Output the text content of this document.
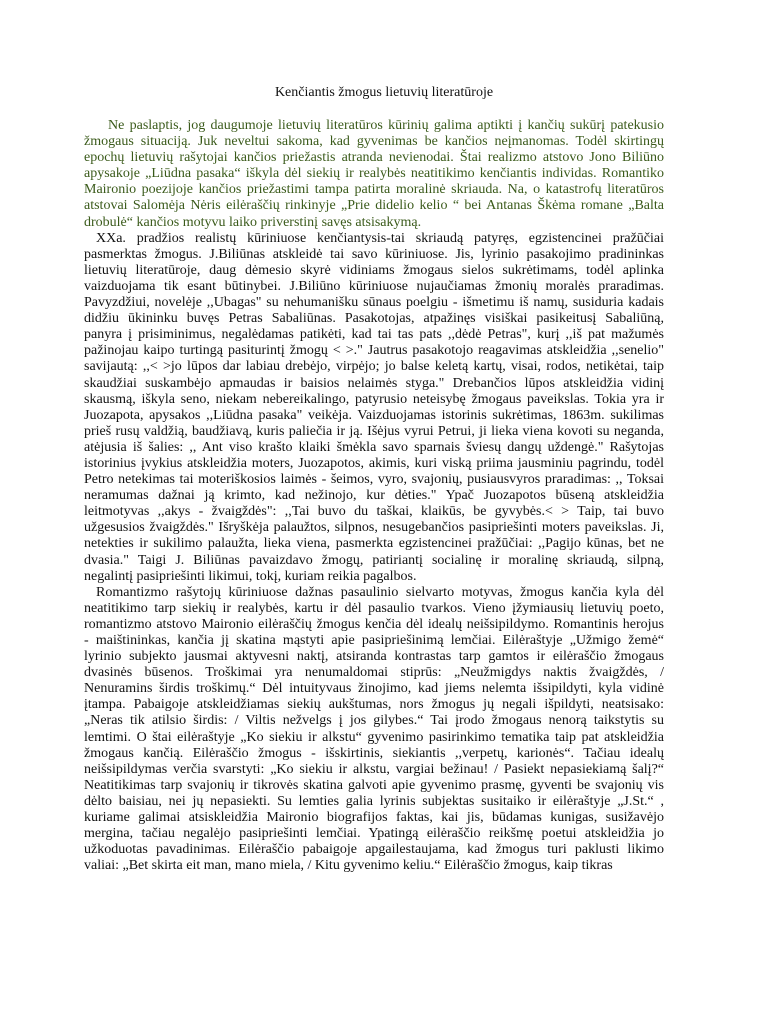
Kenčiantis žmogus lietuvių literatūroje
Ne paslaptis, jog daugumoje lietuvių literatūros kūrinių galima aptikti į kančių sukūrį patekusio
žmogaus situaciją. Juk neveltui sakoma, kad gyvenimas be kančios neįmanomas. Todėl skirtingų
epochų lietuvių rašytojai kančios priežastis atranda nevienodai. Štai realizmo atstovo Jono Biliūno
apysakoje „Liūdna pasaka“ iškyla dėl siekių ir realybės neatitikimo kenčiantis individas. Romantiko
Maironio poezijoje kančios priežastimi tampa patirta moralinė skriauda. Na, o katastrofų literatūros
atstovai Salomėja Nėris eilėraščių rinkinyje „Prie didelio kelio “ bei Antanas Škėma romane „Balta
drobulė“ kančios motyvu laiko priverstinį savęs atsisakymą.
XXa. pradžios realistų kūriniuose kenčiantysis-tai skriaudą patyręs, egzistencinei pražūčiai
pasmerktas žmogus. J.Biliūnas atskleidė tai savo kūriniuose. Jis, lyrinio pasakojimo pradininkas
lietuvių literatūroje, daug dėmesio skyrė vidiniams žmogaus sielos sukrėtimams, todėl aplinka
vaizduojama tik esant būtinybei. J.Biliūno kūriniuose nujaučiamas žmonių moralės praradimas.
Pavyzdžiui, novelėje ,,Ubagas" su nehumanišku sūnaus poelgiu - išmetimu iš namų, susiduria kadais
didžiu ūkininku buvęs Petras Sabaliūnas. Pasakotojas, atpažinęs visiškai pasikeitusį Sabaliūną,
panyra į prisiminimus, negalėdamas patikėti, kad tai tas pats ,,dėdė Petras", kurį ,,iš pat mažumės
pažinojau kaipo turtingą pasiturintį žmogų < >." Jautrus pasakotojo reagavimas atskleidžia ,,senelio"
savijautą: ,,< >jo lūpos dar labiau drebėjo, virpėjo; jo balse keletą kartų, visai, rodos, netikėtai, taip
skaudžiai suskambėjo apmaudas ir baisios nelaimės styga." Drebančios lūpos atskleidžia vidinį
skausmą, iškyla seno, niekam nebereikalingo, patyrusio neteisybę žmogaus paveikslas. Tokia yra ir
Juozapota, apysakos ,,Liūdna pasaka" veikėja. Vaizduojamas istorinis sukrėtimas, 1863m. sukilimas
prieš rusų valdžią, baudžiavą, kuris paliečia ir ją. Išėjus vyrui Petrui, ji lieka viena kovoti su neganda,
atėjusia iš šalies: ,, Ant viso krašto klaiki šmėkla savo sparnais šviesų dangų uždengė." Rašytojas
istorinius įvykius atskleidžia moters, Juozapotos, akimis, kuri viską priima jausminiu pagrindu, todėl
Petro netekimas tai moteriškosios laimės - šeimos, vyro, svajonių, pusiausvyros praradimas: ,, Toksai
neramumas dažnai ją krimto, kad nežinojo, kur dėties." Ypač Juozapotos būseną atskleidžia
leitmotyvas ,,akys - žvaigždės": ,,Tai buvo du taškai, klaikūs, be gyvybės.< > Taip, tai buvo
užgesusios žvaigždės." Išryškėja palaužtos, silpnos, nesugebančios pasipriešinti moters paveikslas. Ji,
netekties ir sukilimo palaužta, lieka viena, pasmerkta egzistencinei pražūčiai: ,,Pagijo kūnas, bet ne
dvasia." Taigi J. Biliūnas pavaizdavo žmogų, patiriantį socialinę ir moralinę skriaudą, silpną,
negalintį pasipriešinti likimui, tokį, kuriam reikia pagalbos.
Romantizmo rašytojų kūriniuose dažnas pasaulinio sielvarto motyvas, žmogus kančia kyla dėl
neatitikimo tarp siekių ir realybės, kartu ir dėl pasaulio tvarkos. Vieno įžymiausių lietuvių poeto,
romantizmo atstovo Maironio eilėraščių žmogus kenčia dėl idealų neišsipildymo. Romantinis herojus
- maištininkas, kančia jį skatina mąstyti apie pasipriešinimą lemčiai. Eilėraštyje „Užmigo žemė“
lyrinio subjekto jausmai aktyvesni naktį, atsiranda kontrastas tarp gamtos ir eilėraščio žmogaus
dvasinės būsenos. Troškimai yra nenumaldomai stiprūs: „Neužmigdys naktis žvaigždės, /
Nenuramins širdis troškimų.“ Dėl intuityvaus žinojimo, kad jiems nelemta išsipildyti, kyla vidinė
įtampa. Pabaigoje atskleidžiamas siekių aukštumas, nors žmogus jų negali išpildyti, neatsisako:
„Neras tik atilsio širdis: / Viltis nežvelgs į jos gilybes.“ Tai įrodo žmogaus nenorą taikstytis su
lemtimi. O štai eilėraštyje „Ko siekiu ir alkstu“ gyvenimo pasirinkimo tematika taip pat atskleidžia
žmogaus kančią. Eilėraščio žmogus - išskirtinis, siekiantis ,,verpetų, karionės“. Tačiau idealų
neišsipildymas verčia svarstyti: „Ko siekiu ir alkstu, vargiai bežinau! / Pasiekt nepasiekiamą šalį?“
Neatitikimas tarp svajonių ir tikrovės skatina galvoti apie gyvenimo prasmę, gyventi be svajonių vis
dėlto baisiau, nei jų nepasiekti. Su lemties galia lyrinis subjektas susitaiko ir eilėraštyje „J.St.“ ,
kuriame galimai atsiskleidžia Maironio biografijos faktas, kai jis, būdamas kunigas, susižavėjo
mergina, tačiau negalėjo pasipriešinti lemčiai. Ypatingą eilėraščio reikšmę poetui atskleidžia jo
užkoduotas pavadinimas. Eilėraščio pabaigoje apgailestaujama, kad žmogus turi paklusti likimo
valiai: „Bet skirta eit man, mano miela, / Kitu gyvenimo keliu.“ Eilėraščio žmogus, kaip tikras
